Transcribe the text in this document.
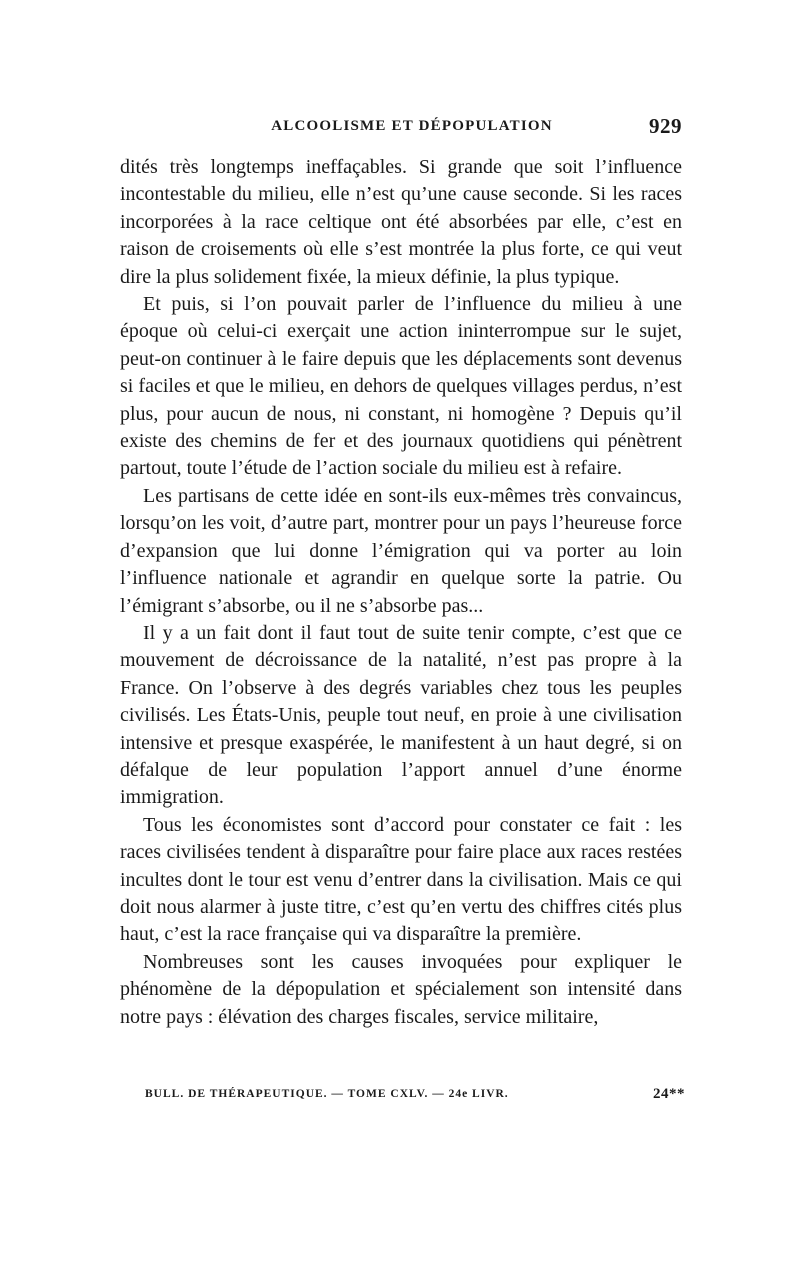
ALCOOLISME ET DÉPOPULATION	929

dités très longtemps ineffaçables. Si grande que soit l’influence incontestable du milieu, elle n’est qu’une cause seconde. Si les races incorporées à la race celtique ont été absorbées par elle, c’est en raison de croisements où elle s’est montrée la plus forte, ce qui veut dire la plus solidement fixée, la mieux définie, la plus typique.

Et puis, si l’on pouvait parler de l’influence du milieu à une époque où celui-ci exerçait une action ininterrompue sur le sujet, peut-on continuer à le faire depuis que les déplacements sont devenus si faciles et que le milieu, en dehors de quelques villages perdus, n’est plus, pour aucun de nous, ni constant, ni homogène ? Depuis qu’il existe des chemins de fer et des journaux quotidiens qui pénètrent partout, toute l’étude de l’action sociale du milieu est à refaire.

Les partisans de cette idée en sont-ils eux-mêmes très convaincus, lorsqu’on les voit, d’autre part, montrer pour un pays l’heureuse force d’expansion que lui donne l’émigration qui va porter au loin l’influence nationale et agrandir en quelque sorte la patrie. Ou l’émigrant s’absorbe, ou il ne s’absorbe pas...

Il y a un fait dont il faut tout de suite tenir compte, c’est que ce mouvement de décroissance de la natalité, n’est pas propre à la France. On l’observe à des degrés variables chez tous les peuples civilisés. Les États-Unis, peuple tout neuf, en proie à une civilisation intensive et presque exaspérée, le manifestent à un haut degré, si on défalque de leur population l’apport annuel d’une énorme immigration.

Tous les économistes sont d’accord pour constater ce fait : les races civilisées tendent à disparaître pour faire place aux races restées incultes dont le tour est venu d’entrer dans la civilisation. Mais ce qui doit nous alarmer à juste titre, c’est qu’en vertu des chiffres cités plus haut, c’est la race française qui va disparaître la première.

Nombreuses sont les causes invoquées pour expliquer le phénomène de la dépopulation et spécialement son intensité dans notre pays : élévation des charges fiscales, service militaire,

BULL. DE THÉRAPEUTIQUE. — TOME CXLV. — 24e LIVR.	24**
